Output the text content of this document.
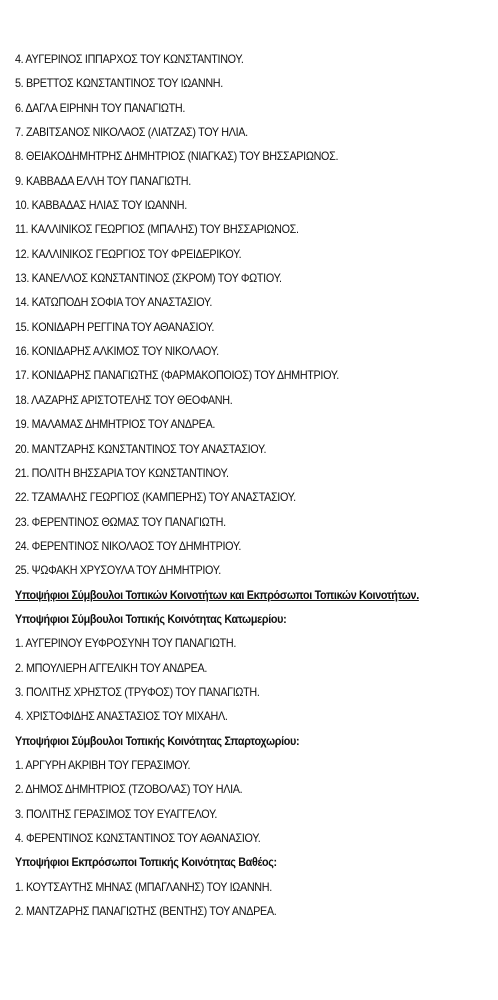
4. ΑΥΓΕΡΙΝΟΣ ΙΠΠΑΡΧΟΣ ΤΟΥ ΚΩΝΣΤΑΝΤΙΝΟΥ.
5. ΒΡΕΤΤΟΣ ΚΩΝΣΤΑΝΤΙΝΟΣ ΤΟΥ ΙΩΑΝΝΗ.
6. ΔΑΓΛΑ ΕΙΡΗΝΗ ΤΟΥ ΠΑΝΑΓΙΩΤΗ.
7. ΖΑΒΙΤΣΑΝΟΣ ΝΙΚΟΛΑΟΣ (ΛΙΑΤΖΑΣ) ΤΟΥ ΗΛΙΑ.
8. ΘΕΙΑΚΟΔΗΜΗΤΡΗΣ ΔΗΜΗΤΡΙΟΣ (ΝΙΑΓΚΑΣ) ΤΟΥ ΒΗΣΣΑΡΙΩΝΟΣ.
9. ΚΑΒΒΑΔΑ ΕΛΛΗ ΤΟΥ ΠΑΝΑΓΙΩΤΗ.
10. ΚΑΒΒΑΔΑΣ ΗΛΙΑΣ ΤΟΥ ΙΩΑΝΝΗ.
11. ΚΑΛΛΙΝΙΚΟΣ ΓΕΩΡΓΙΟΣ (ΜΠΑΛΗΣ) ΤΟΥ ΒΗΣΣΑΡΙΩΝΟΣ.
12. ΚΑΛΛΙΝΙΚΟΣ ΓΕΩΡΓΙΟΣ ΤΟΥ ΦΡΕΙΔΕΡΙΚΟΥ.
13. ΚΑΝΕΛΛΟΣ ΚΩΝΣΤΑΝΤΙΝΟΣ (ΣΚΡΟΜ) ΤΟΥ ΦΩΤΙΟΥ.
14. ΚΑΤΩΠΟΔΗ ΣΟΦΙΑ ΤΟΥ ΑΝΑΣΤΑΣΙΟΥ.
15. ΚΟΝΙΔΑΡΗ ΡΕΓΓΙΝΑ ΤΟΥ ΑΘΑΝΑΣΙΟΥ.
16. ΚΟΝΙΔΑΡΗΣ ΑΛΚΙΜΟΣ ΤΟΥ ΝΙΚΟΛΑΟΥ.
17. ΚΟΝΙΔΑΡΗΣ ΠΑΝΑΓΙΩΤΗΣ (ΦΑΡΜΑΚΟΠΟΙΟΣ) ΤΟΥ ΔΗΜΗΤΡΙΟΥ.
18. ΛΑΖΑΡΗΣ ΑΡΙΣΤΟΤΕΛΗΣ ΤΟΥ ΘΕΟΦΑΝΗ.
19. ΜΑΛΑΜΑΣ ΔΗΜΗΤΡΙΟΣ ΤΟΥ ΑΝΔΡΕΑ.
20. ΜΑΝΤΖΑΡΗΣ ΚΩΝΣΤΑΝΤΙΝΟΣ ΤΟΥ ΑΝΑΣΤΑΣΙΟΥ.
21. ΠΟΛΙΤΗ ΒΗΣΣΑΡΙΑ ΤΟΥ ΚΩΝΣΤΑΝΤΙΝΟΥ.
22. ΤΖΑΜΑΛΗΣ ΓΕΩΡΓΙΟΣ (ΚΑΜΠΕΡΗΣ) ΤΟΥ ΑΝΑΣΤΑΣΙΟΥ.
23. ΦΕΡΕΝΤΙΝΟΣ ΘΩΜΑΣ ΤΟΥ ΠΑΝΑΓΙΩΤΗ.
24. ΦΕΡΕΝΤΙΝΟΣ ΝΙΚΟΛΑΟΣ ΤΟΥ ΔΗΜΗΤΡΙΟΥ.
25. ΨΩΦΑΚΗ ΧΡΥΣΟΥΛΑ ΤΟΥ ΔΗΜΗΤΡΙΟΥ.
Υποψήφιοι Σύμβουλοι Τοπικών Κοινοτήτων και Εκπρόσωποι Τοπικών Κοινοτήτων.
Υποψήφιοι Σύμβουλοι Τοπικής Κοινότητας Κατωμερίου:
1. ΑΥΓΕΡΙΝΟΥ ΕΥΦΡΟΣΥΝΗ ΤΟΥ ΠΑΝΑΓΙΩΤΗ.
2. ΜΠΟΥΛΙΕΡΗ ΑΓΓΕΛΙΚΗ ΤΟΥ ΑΝΔΡΕΑ.
3. ΠΟΛΙΤΗΣ ΧΡΗΣΤΟΣ (ΤΡΥΦΟΣ) ΤΟΥ ΠΑΝΑΓΙΩΤΗ.
4. ΧΡΙΣΤΟΦΙΔΗΣ ΑΝΑΣΤΑΣΙΟΣ ΤΟΥ ΜΙΧΑΗΛ.
Υποψήφιοι Σύμβουλοι Τοπικής Κοινότητας Σπαρτοχωρίου:
1. ΑΡΓΥΡΗ ΑΚΡΙΒΗ ΤΟΥ ΓΕΡΑΣΙΜΟΥ.
2. ΔΗΜΟΣ ΔΗΜΗΤΡΙΟΣ (ΤΖΟΒΟΛΑΣ) ΤΟΥ ΗΛΙΑ.
3. ΠΟΛΙΤΗΣ ΓΕΡΑΣΙΜΟΣ ΤΟΥ ΕΥΑΓΓΕΛΟΥ.
4. ΦΕΡΕΝΤΙΝΟΣ ΚΩΝΣΤΑΝΤΙΝΟΣ ΤΟΥ ΑΘΑΝΑΣΙΟΥ.
Υποψήφιοι Εκπρόσωποι Τοπικής Κοινότητας Βαθέος:
1. ΚΟΥΤΣΑΥΤΗΣ ΜΗΝΑΣ (ΜΠΑΓΛΑΝΗΣ) ΤΟΥ ΙΩΑΝΝΗ.
2. ΜΑΝΤΖΑΡΗΣ ΠΑΝΑΓΙΩΤΗΣ (ΒΕΝΤΗΣ) ΤΟΥ ΑΝΔΡΕΑ.
